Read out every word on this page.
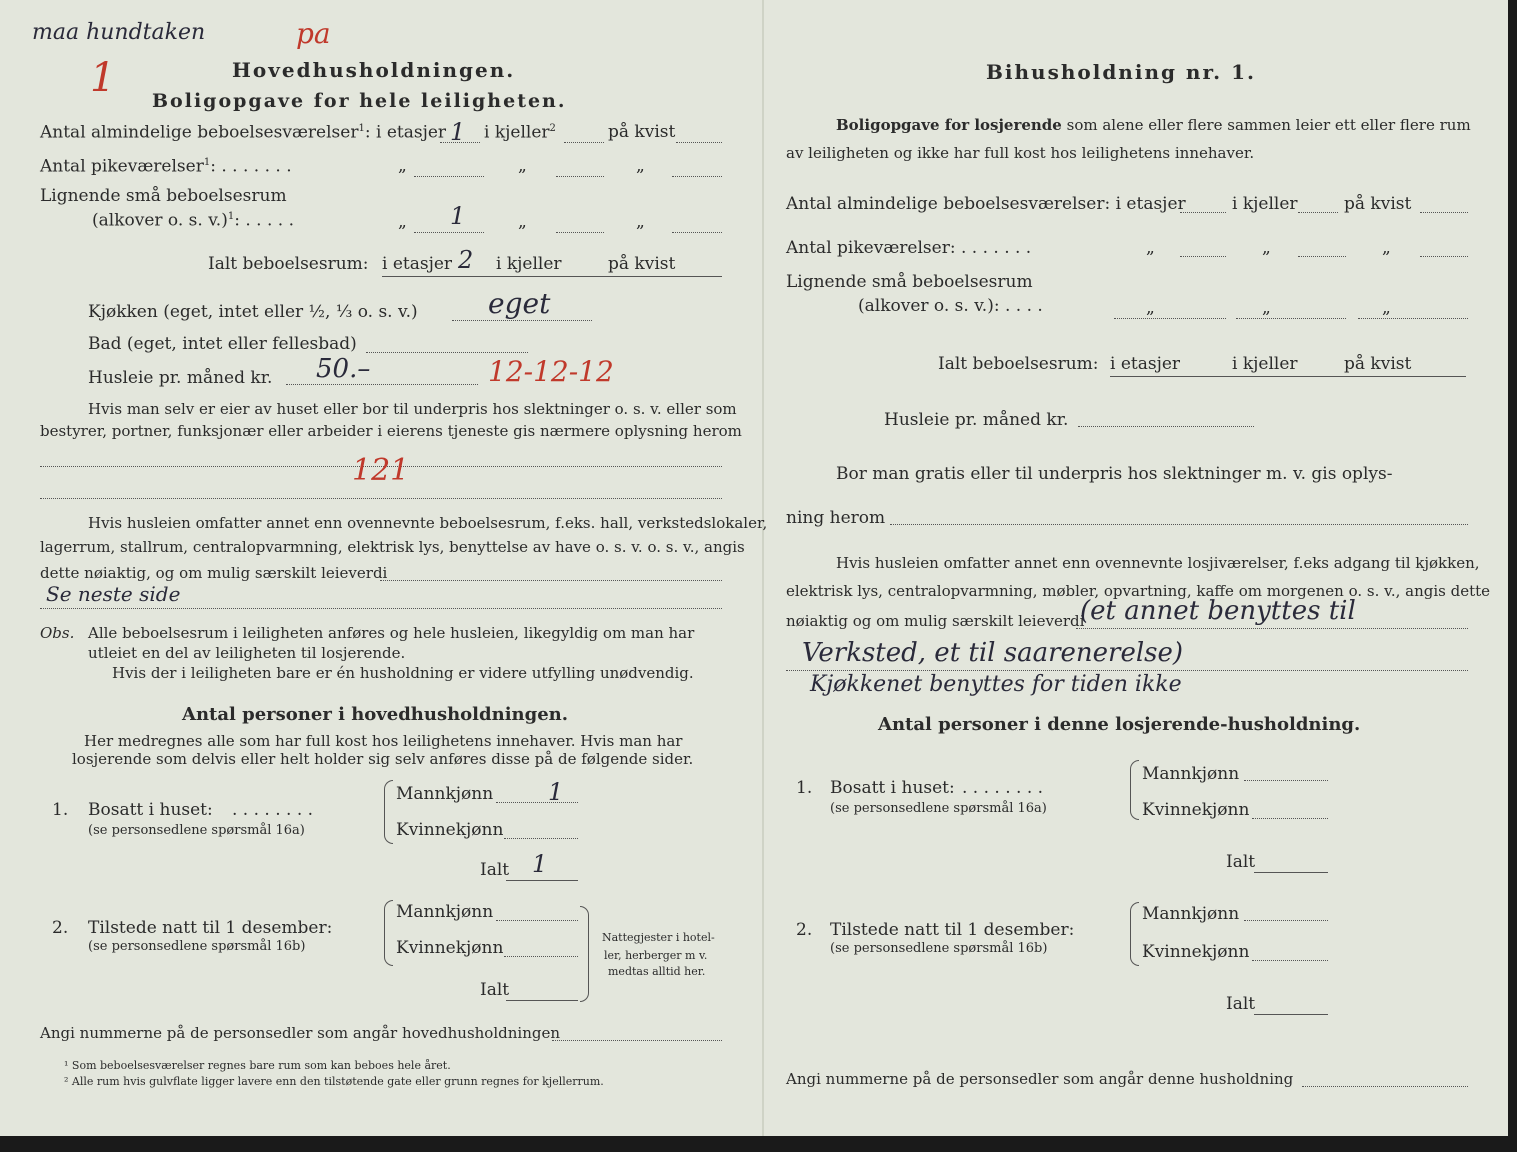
maa hundtaken	pa
1	Hovedhusholdningen.
Boligopgave for hele leiligheten.
Antal almindelige beboelsesværelser$^1$: i etasjer 1 i kjeller$^2$	på kvist
Antal pikeværelser$^1$: . . . . . . .	„	„	„
Lignende små beboelsesrum
(alkover o. s. v.)$^1$: . . . . .	„ 1	„	„
Ialt beboelsesrum: i etasjer 2 i kjeller	på kvist
Kjøkken (eget, intet eller ½, ⅓ o. s. v.)	eget
Bad (eget, intet eller fellesbad)
Husleie pr. måned kr. 50.–	12-12-12
Hvis man selv er eier av huset eller bor til underpris hos slektninger o. s. v. eller som
bestyrer, portner, funksjonær eller arbeider i eierens tjeneste gis nærmere oplysning herom
121
Hvis husleien omfatter annet enn ovennevnte beboelsesrum, f.eks. hall, verkstedslokaler,
lagerrum, stallrum, centralopvarmning, elektrisk lys, benyttelse av have o. s. v. o. s. v., angis
dette nøiaktig, og om mulig særskilt leieverdi
Se neste side
Obs. Alle beboelsesrum i leiligheten anføres og hele husleien, likegyldig om man har
utleiet en del av leiligheten til losjerende.
Hvis der i leiligheten bare er én husholdning er videre utfylling unødvendig.
Antal personer i hovedhusholdningen.
Her medregnes alle som har full kost hos leilighetens innehaver. Hvis man har
losjerende som delvis eller helt holder sig selv anføres disse på de følgende sider.
1. Bosatt i huset: . . . . . . . .
(se personsedlene spørsmål 16a)
Mannkjønn 1
Kvinnekjønn
Ialt 1
2. Tilstede natt til 1 desember:
(se personsedlene spørsmål 16b)
Mannkjønn
Kvinnekjønn
Ialt
Nattegjester i hotel-
ler, herberger m v.
medtas alltid her.
Angi nummerne på de personsedler som angår hovedhusholdningen
¹ Som beboelsesværelser regnes bare rum som kan beboes hele året.
² Alle rum hvis gulvflate ligger lavere enn den tilstøtende gate eller grunn regnes for kjellerrum.
Bihusholdning nr. 1.
Boligopgave for losjerende som alene eller flere sammen leier ett eller flere rum
av leiligheten og ikke har full kost hos leilighetens innehaver.
Antal almindelige beboelsesværelser: i etasjer	i kjeller	på kvist
Antal pikeværelser: . . . . . . .	„	„	„
Lignende små beboelsesrum
(alkover o. s. v.): . . . .	„	„	„
Ialt beboelsesrum: i etasjer	i kjeller	på kvist
Husleie pr. måned kr.
Bor man gratis eller til underpris hos slektninger m. v. gis oplys-
ning herom
Hvis husleien omfatter annet enn ovennevnte losjiværelser, f.eks adgang til kjøkken,
elektrisk lys, centralopvarmning, møbler, opvartning, kaffe om morgenen o. s. v., angis dette
nøiaktig og om mulig særskilt leieverdi
(et annet benyttes til
Verksted, et til saarenerelse)
Kjøkkenet benyttes for tiden ikke
Antal personer i denne losjerende-husholdning.
1. Bosatt i huset: . . . . . . . .
(se personsedlene spørsmål 16a)
Mannkjønn
Kvinnekjønn
Ialt
2. Tilstede natt til 1 desember:
(se personsedlene spørsmål 16b)
Mannkjønn
Kvinnekjønn
Ialt
Angi nummerne på de personsedler som angår denne husholdning
